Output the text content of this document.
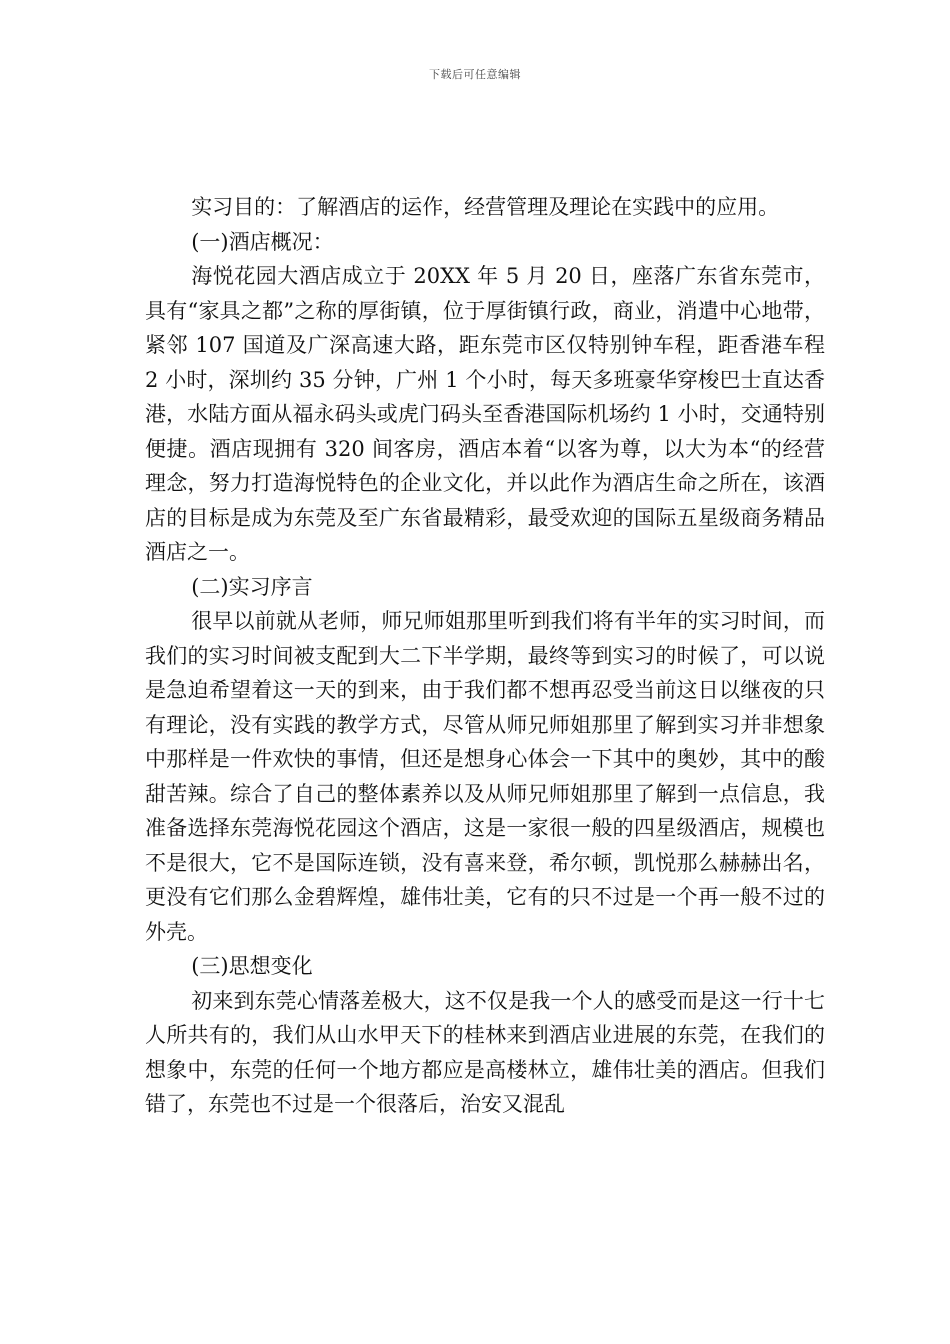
下载后可任意编辑

实习目的：了解酒店的运作，经营管理及理论在实践中的应用。

(一)酒店概况：

海悦花园大酒店成立于 20XX 年 5 月 20 日，座落广东省东莞市，具有“家具之都”之称的厚街镇，位于厚街镇行政，商业，消遣中心地带，紧邻 107 国道及广深高速大路，距东莞市区仅特别钟车程，距香港车程 2 小时，深圳约 35 分钟，广州 1 个小时，每天多班豪华穿梭巴士直达香港，水陆方面从福永码头或虎门码头至香港国际机场约 1 小时，交通特别便捷。酒店现拥有 320 间客房，酒店本着“以客为尊，以大为本“的经营理念，努力打造海悦特色的企业文化，并以此作为酒店生命之所在，该酒店的目标是成为东莞及至广东省最精彩，最受欢迎的国际五星级商务精品酒店之一。

(二)实习序言

很早以前就从老师，师兄师姐那里听到我们将有半年的实习时间，而我们的实习时间被支配到大二下半学期，最终等到实习的时候了，可以说是急迫希望着这一天的到来，由于我们都不想再忍受当前这日以继夜的只有理论，没有实践的教学方式，尽管从师兄师姐那里了解到实习并非想象中那样是一件欢快的事情，但还是想身心体会一下其中的奥妙，其中的酸甜苦辣。综合了自己的整体素养以及从师兄师姐那里了解到一点信息，我准备选择东莞海悦花园这个酒店，这是一家很一般的四星级酒店，规模也不是很大，它不是国际连锁，没有喜来登，希尔顿，凯悦那么赫赫出名，更没有它们那么金碧辉煌，雄伟壮美，它有的只不过是一个再一般不过的外壳。

(三)思想变化

初来到东莞心情落差极大，这不仅是我一个人的感受而是这一行十七人所共有的，我们从山水甲天下的桂林来到酒店业进展的东莞，在我们的想象中，东莞的任何一个地方都应是高楼林立，雄伟壮美的酒店。但我们错了，东莞也不过是一个很落后，治安又混乱
